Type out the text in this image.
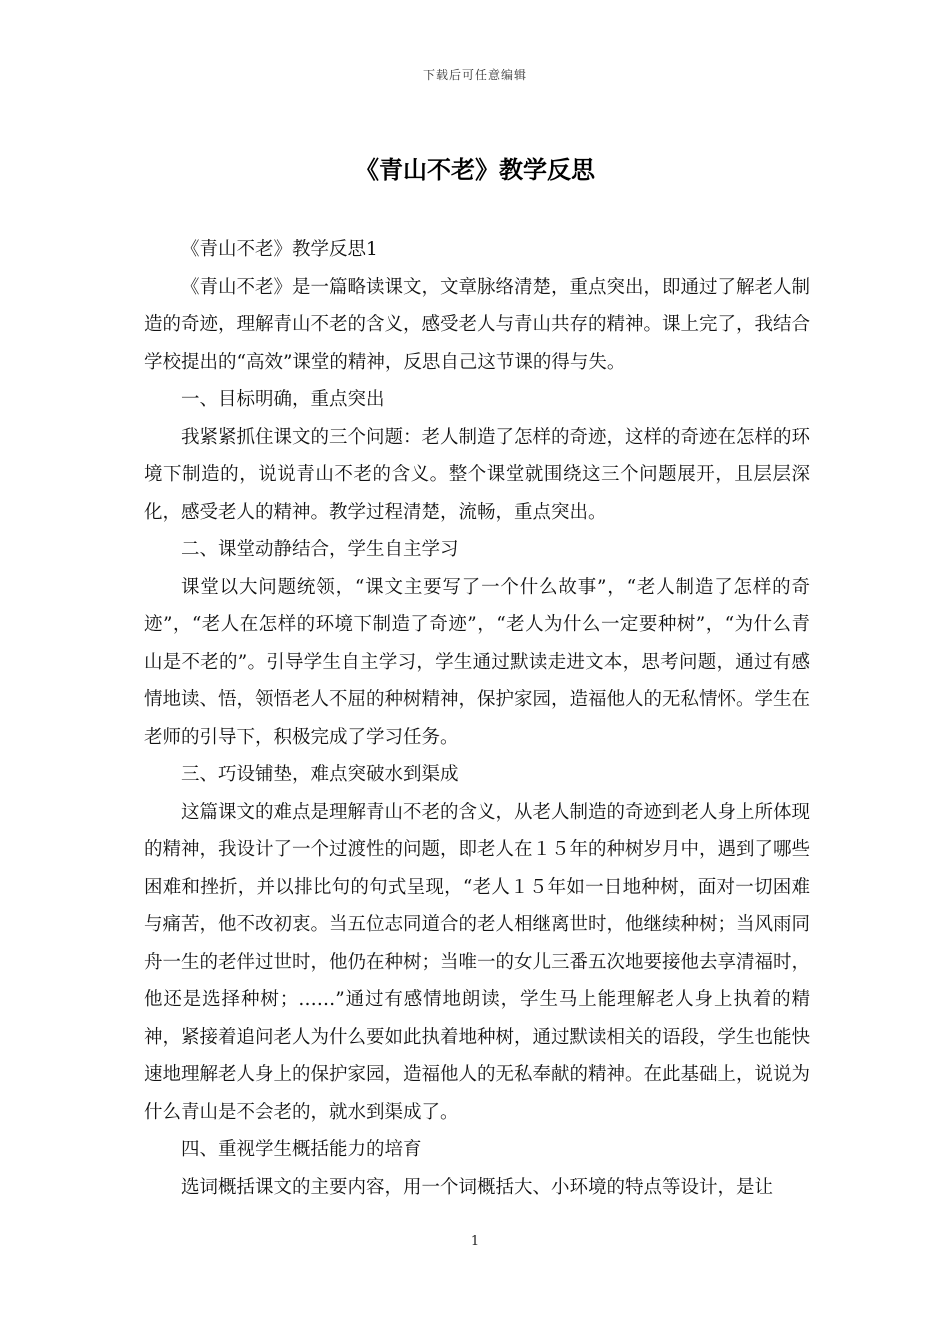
下载后可任意编辑
《青山不老》教学反思

《青山不老》教学反思1

《青山不老》是一篇略读课文，文章脉络清楚，重点突出，即通过了解老人制造的奇迹，理解青山不老的含义，感受老人与青山共存的精神。课上完了，我结合学校提出的“高效”课堂的精神，反思自己这节课的得与失。

一、目标明确，重点突出

我紧紧抓住课文的三个问题：老人制造了怎样的奇迹，这样的奇迹在怎样的环境下制造的，说说青山不老的含义。整个课堂就围绕这三个问题展开，且层层深化，感受老人的精神。教学过程清楚，流畅，重点突出。

二、课堂动静结合，学生自主学习

课堂以大问题统领，“课文主要写了一个什么故事”，“老人制造了怎样的奇迹”，“老人在怎样的环境下制造了奇迹”，“老人为什么一定要种树”，“为什么青山是不老的”。引导学生自主学习，学生通过默读走进文本，思考问题，通过有感情地读、悟，领悟老人不屈的种树精神，保护家园，造福他人的无私情怀。学生在老师的引导下，积极完成了学习任务。

三、巧设铺垫，难点突破水到渠成

这篇课文的难点是理解青山不老的含义，从老人制造的奇迹到老人身上所体现的精神，我设计了一个过渡性的问题，即老人在１５年的种树岁月中，遇到了哪些困难和挫折，并以排比句的句式呈现，“老人１５年如一日地种树，面对一切困难与痛苦，他不改初衷。当五位志同道合的老人相继离世时，他继续种树；当风雨同舟一生的老伴过世时，他仍在种树；当唯一的女儿三番五次地要接他去享清福时，他还是选择种树；……”通过有感情地朗读，学生马上能理解老人身上执着的精神，紧接着追问老人为什么要如此执着地种树，通过默读相关的语段，学生也能快速地理解老人身上的保护家园，造福他人的无私奉献的精神。在此基础上，说说为什么青山是不会老的，就水到渠成了。

四、重视学生概括能力的培育

选词概括课文的主要内容，用一个词概括大、小环境的特点等设计，是让

1
